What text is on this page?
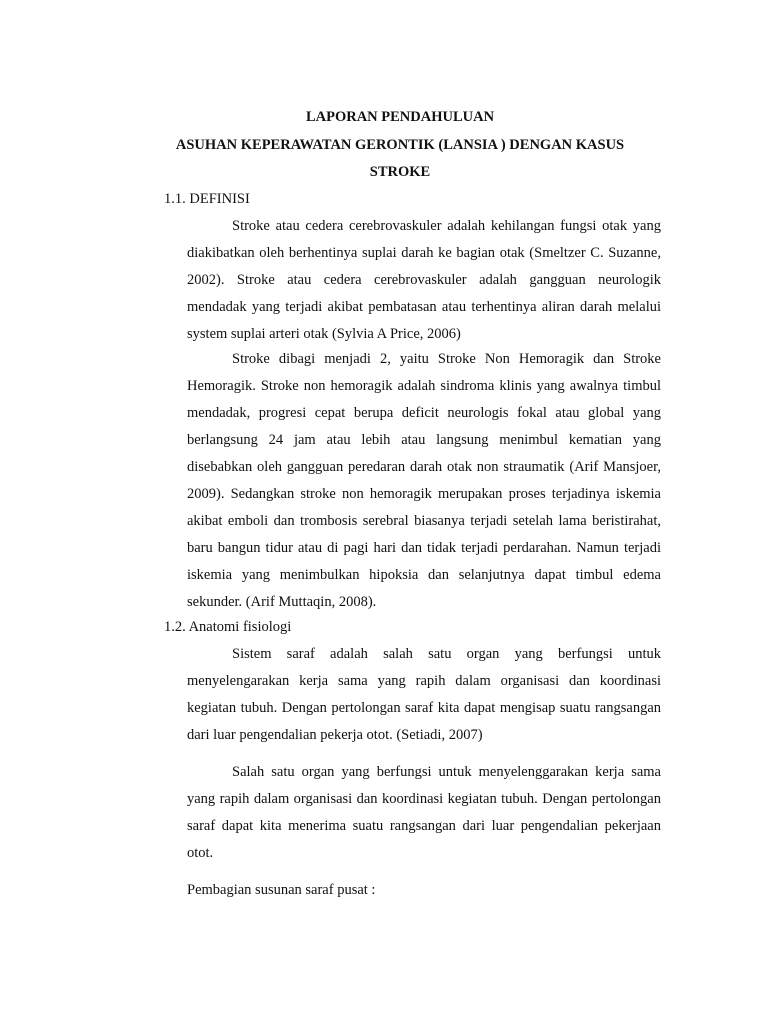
LAPORAN PENDAHULUAN
ASUHAN KEPERAWATAN GERONTIK (LANSIA ) DENGAN KASUS
STROKE
1.1. DEFINISI

Stroke atau cedera cerebrovaskuler adalah kehilangan fungsi otak yang diakibatkan oleh berhentinya suplai darah ke bagian otak (Smeltzer C. Suzanne, 2002). Stroke atau cedera cerebrovaskuler adalah gangguan neurologik mendadak yang terjadi akibat pembatasan atau terhentinya aliran darah melalui system suplai arteri otak (Sylvia A Price, 2006)

Stroke dibagi menjadi 2, yaitu Stroke Non Hemoragik dan Stroke Hemoragik. Stroke non hemoragik adalah sindroma klinis yang awalnya timbul mendadak, progresi cepat berupa deficit neurologis fokal atau global yang berlangsung 24 jam atau lebih atau langsung menimbul kematian yang disebabkan oleh gangguan peredaran darah otak non straumatik (Arif Mansjoer, 2009). Sedangkan stroke non hemoragik merupakan proses terjadinya iskemia akibat emboli dan trombosis serebral biasanya terjadi setelah lama beristirahat, baru bangun tidur atau di pagi hari dan tidak terjadi perdarahan. Namun terjadi iskemia yang menimbulkan hipoksia dan selanjutnya dapat timbul edema sekunder. (Arif Muttaqin, 2008).

1.2. Anatomi fisiologi

Sistem saraf adalah salah satu organ yang berfungsi untuk menyelengarakan kerja sama yang rapih dalam organisasi dan koordinasi kegiatan tubuh. Dengan pertolongan saraf kita dapat mengisap suatu rangsangan dari luar pengendalian pekerja otot. (Setiadi, 2007)

Salah satu organ yang berfungsi untuk menyelenggarakan kerja sama yang rapih dalam organisasi dan koordinasi kegiatan tubuh. Dengan pertolongan saraf dapat kita menerima suatu rangsangan dari luar pengendalian pekerjaan otot.

Pembagian susunan saraf pusat :
